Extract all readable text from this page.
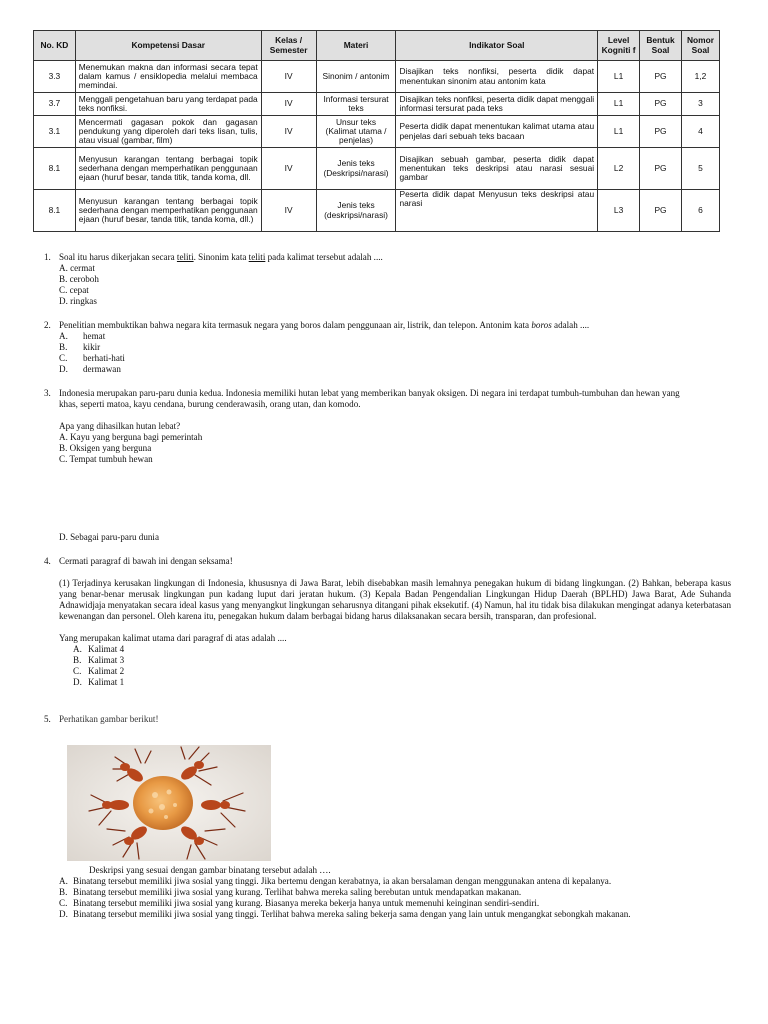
No. KD	Kompetensi Dasar	Kelas / Semester	Materi	Indikator Soal	Level Kogniti f	Bentuk Soal	Nomor Soal
3.3	Menemukan makna dan informasi secara tepat dalam kamus / ensiklopedia melalui membaca memindai.	IV	Sinonim / antonim	Disajikan teks nonfiksi, peserta didik dapat menentukan sinonim atau antonim kata	L1	PG	1,2
3.7	Menggali pengetahuan baru yang terdapat pada teks nonfiksi.	IV	Informasi tersurat teks	Disajikan teks nonfiksi, peserta didik dapat menggali informasi tersurat pada teks	L1	PG	3
3.1	Mencermati gagasan pokok dan gagasan pendukung yang diperoleh dari teks lisan, tulis, atau visual (gambar, film)	IV	Unsur teks (Kalimat utama / penjelas)	Peserta didik dapat menentukan kalimat utama atau penjelas dari sebuah teks bacaan	L1	PG	4
8.1	Menyusun karangan tentang berbagai topik sederhana dengan memperhatikan penggunaan ejaan (huruf besar, tanda titik, tanda koma, dll.	IV	Jenis teks (Deskripsi/narasi)	Disajikan sebuah gambar, peserta didik dapat menentukan teks deskripsi atau narasi sesuai gambar	L2	PG	5
8.1	Menyusun karangan tentang berbagai topik sederhana dengan memperhatikan penggunaan ejaan (huruf besar, tanda titik, tanda koma, dll.)	IV	Jenis teks (deskripsi/narasi)	Peserta didik dapat Menyusun teks deskripsi atau narasi	L3	PG	6
1. Soal itu harus dikerjakan secara teliti. Sinonim kata teliti pada kalimat tersebut adalah ....
A. cermat
B. ceroboh
C. cepat
D. ringkas
2. Penelitian membuktikan bahwa negara kita termasuk negara yang boros dalam penggunaan air, listrik, dan telepon. Antonim kata boros adalah ....
A. hemat
B. kikir
C. berhati-hati
D. dermawan
3. Indonesia merupakan paru-paru dunia kedua. Indonesia memiliki hutan lebat yang memberikan banyak oksigen. Di negara ini terdapat tumbuh-tumbuhan dan hewan yang
khas, seperti matoa, kayu cendana, burung cenderawasih, orang utan, dan komodo.
Apa yang dihasilkan hutan lebat?
A. Kayu yang berguna bagi pemerintah
B. Oksigen yang berguna
C. Tempat tumbuh hewan
D. Sebagai paru-paru dunia
4. Cermati paragraf di bawah ini dengan seksama!
(1) Terjadinya kerusakan lingkungan di Indonesia, khususnya di Jawa Barat, lebih disebabkan masih lemahnya penegakan hukum di bidang lingkungan. (2) Bahkan, beberapa kasus yang benar-benar merusak lingkungan pun kadang luput dari jeratan hukum. (3) Kepala Badan Pengendalian Lingkungan Hidup Daerah (BPLHD) Jawa Barat, Ade Suhanda Adnawidjaja menyatakan secara ideal kasus yang menyangkut lingkungan seharusnya ditangani pihak eksekutif. (4) Namun, hal itu tidak bisa dilakukan mengingat adanya keterbatasan kewenangan dan personel. Oleh karena itu, penegakan hukum dalam berbagai bidang harus dilaksanakan secara bersih, transparan, dan profesional.
Yang merupakan kalimat utama dari paragraf di atas adalah ....
A. Kalimat 4
B. Kalimat 3
C. Kalimat 2
D. Kalimat 1
5. Perhatikan gambar berikut!
Deskripsi yang sesuai dengan gambar binatang tersebut adalah ….
A. Binatang tersebut memiliki jiwa sosial yang tinggi. Jika bertemu dengan kerabatnya, ia akan bersalaman dengan menggunakan antena di kepalanya.
B. Binatang tersebut memiliki jiwa sosial yang kurang. Terlihat bahwa mereka saling berebutan untuk mendapatkan makanan.
C. Binatang tersebut memiliki jiwa sosial yang kurang. Biasanya mereka bekerja hanya untuk memenuhi keinginan sendiri-sendiri.
D. Binatang tersebut memiliki jiwa sosial yang tinggi. Terlihat bahwa mereka saling bekerja sama dengan yang lain untuk mengangkat sebongkah makanan.
